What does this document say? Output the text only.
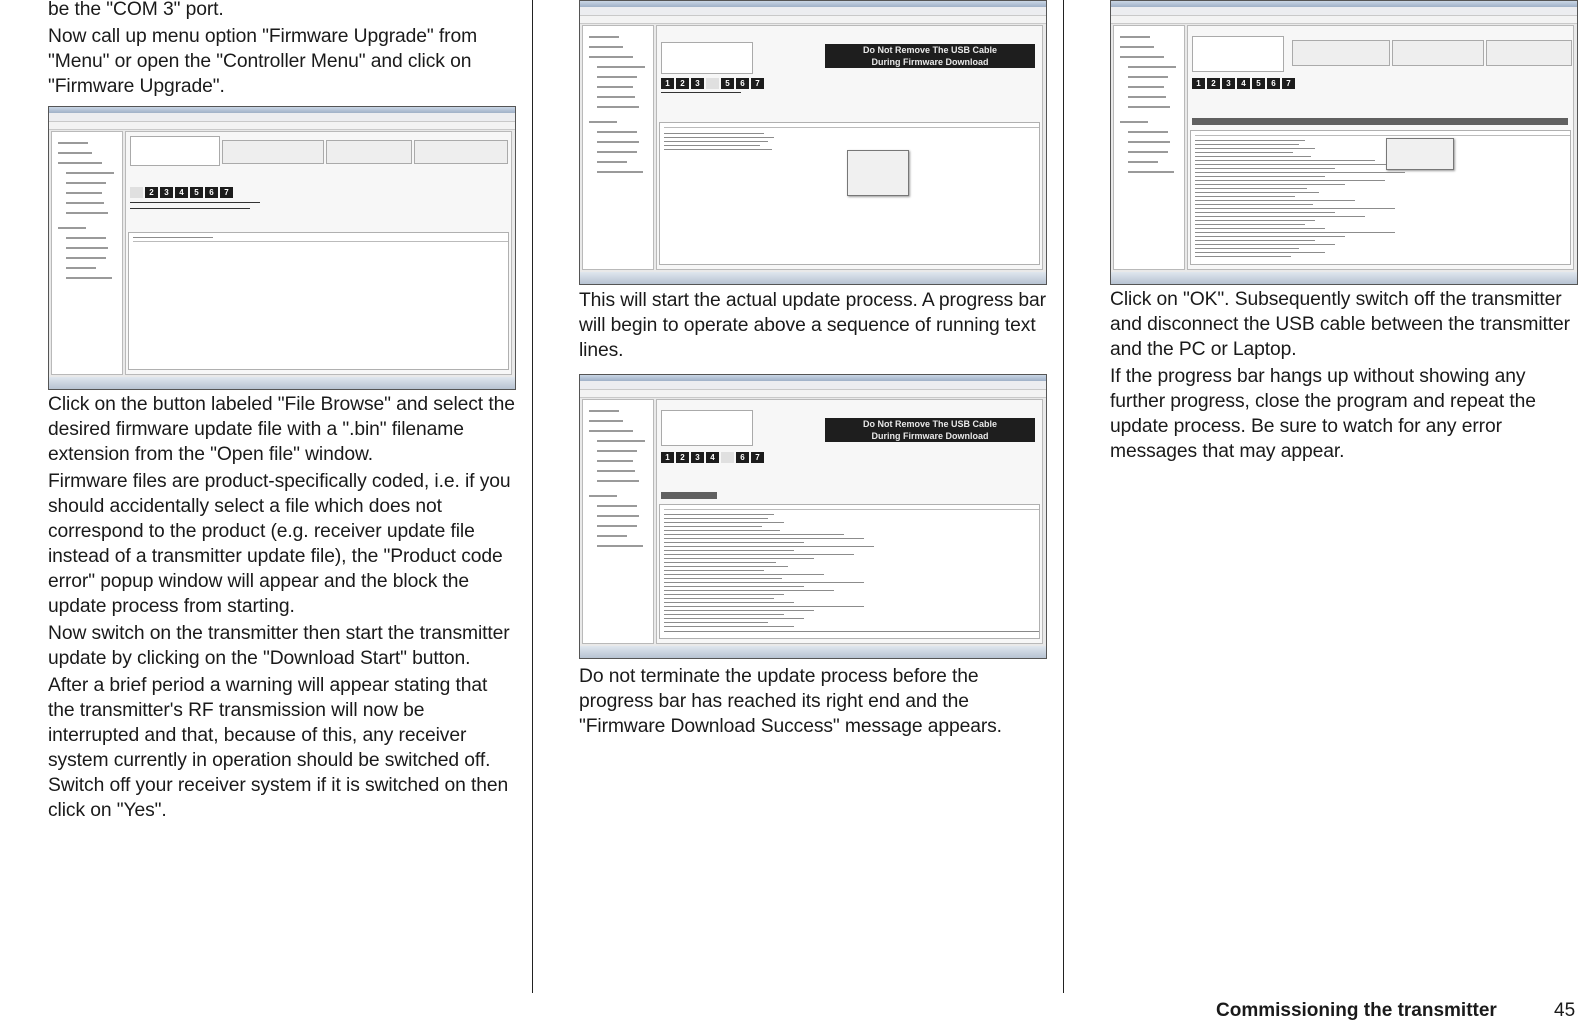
be the "COM 3" port.

Now call up menu option "Firmware Upgrade" from "Menu" or open the "Controller Menu" and click on "Firmware Upgrade".

2	3	4	5	6	7

Click on the button labeled "File Browse" and select the desired firmware update file with a ".bin" filename extension from the "Open file" window.

Firmware files are product-specifically coded, i.e. if you should accidentally select a file which does not correspond to the product (e.g. receiver update file instead of a transmitter update file), the "Product code error" popup window will appear and the block the update process from starting.

Now switch on the transmitter then start the transmitter update by clicking on the "Download Start" button.

After a brief period a warning will appear stating that the transmitter's RF transmission will now be interrupted and that, because of this, any receiver system currently in operation should be switched off. Switch off your receiver system if it is switched on then click on "Yes".

Do Not Remove The USB Cable
During Firmware Download
1	2	3	5	6	7

This will start the actual update process. A progress bar will begin to operate above a sequence of running text lines.

Do Not Remove The USB Cable
During Firmware Download
1	2	3	4	5	6	7

Do not terminate the update process before the progress bar has reached its right end and the "Firmware Download Success" message appears.

1	2	3	4	5	6	7

Click on "OK". Subsequently switch off the transmitter and disconnect the USB cable between the transmitter and the PC or Laptop.

If the progress bar hangs up without showing any further progress, close the program and repeat the update process. Be sure to watch for any error messages that may appear.

Commissioning the transmitter	45
